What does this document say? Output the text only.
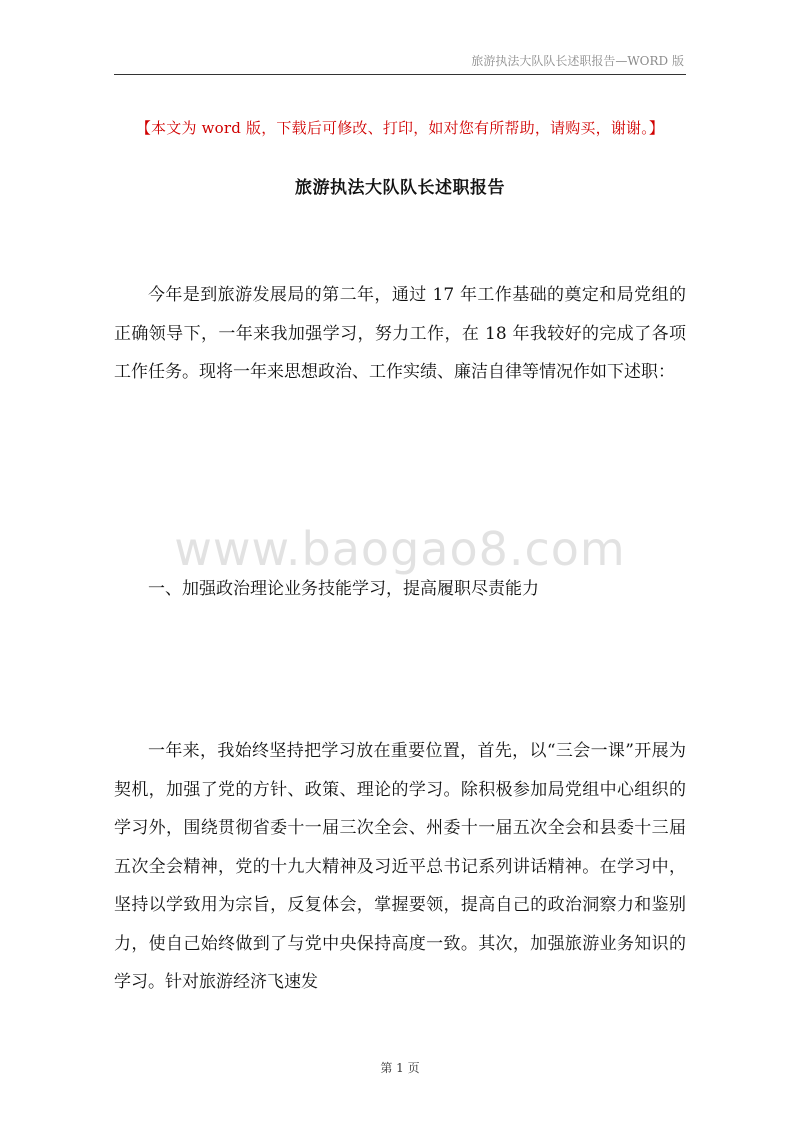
旅游执法大队队长述职报告—WORD 版
【本文为 word 版，下载后可修改、打印，如对您有所帮助，请购买，谢谢。】
旅游执法大队队长述职报告

今年是到旅游发展局的第二年，通过 17 年工作基础的奠定和局党组的正确领导下，一年来我加强学习，努力工作，在 18 年我较好的完成了各项工作任务。现将一年来思想政治、工作实绩、廉洁自律等情况作如下述职：

www.baogao8.com
一、加强政治理论业务技能学习，提高履职尽责能力

一年来，我始终坚持把学习放在重要位置，首先，以“三会一课”开展为契机，加强了党的方针、政策、理论的学习。除积极参加局党组中心组织的学习外，围绕贯彻省委十一届三次全会、州委十一届五次全会和县委十三届五次全会精神，党的十九大精神及习近平总书记系列讲话精神。在学习中，坚持以学致用为宗旨，反复体会，掌握要领，提高自己的政治洞察力和鉴别力，使自己始终做到了与党中央保持高度一致。其次，加强旅游业务知识的学习。针对旅游经济飞速发

第 1 页
